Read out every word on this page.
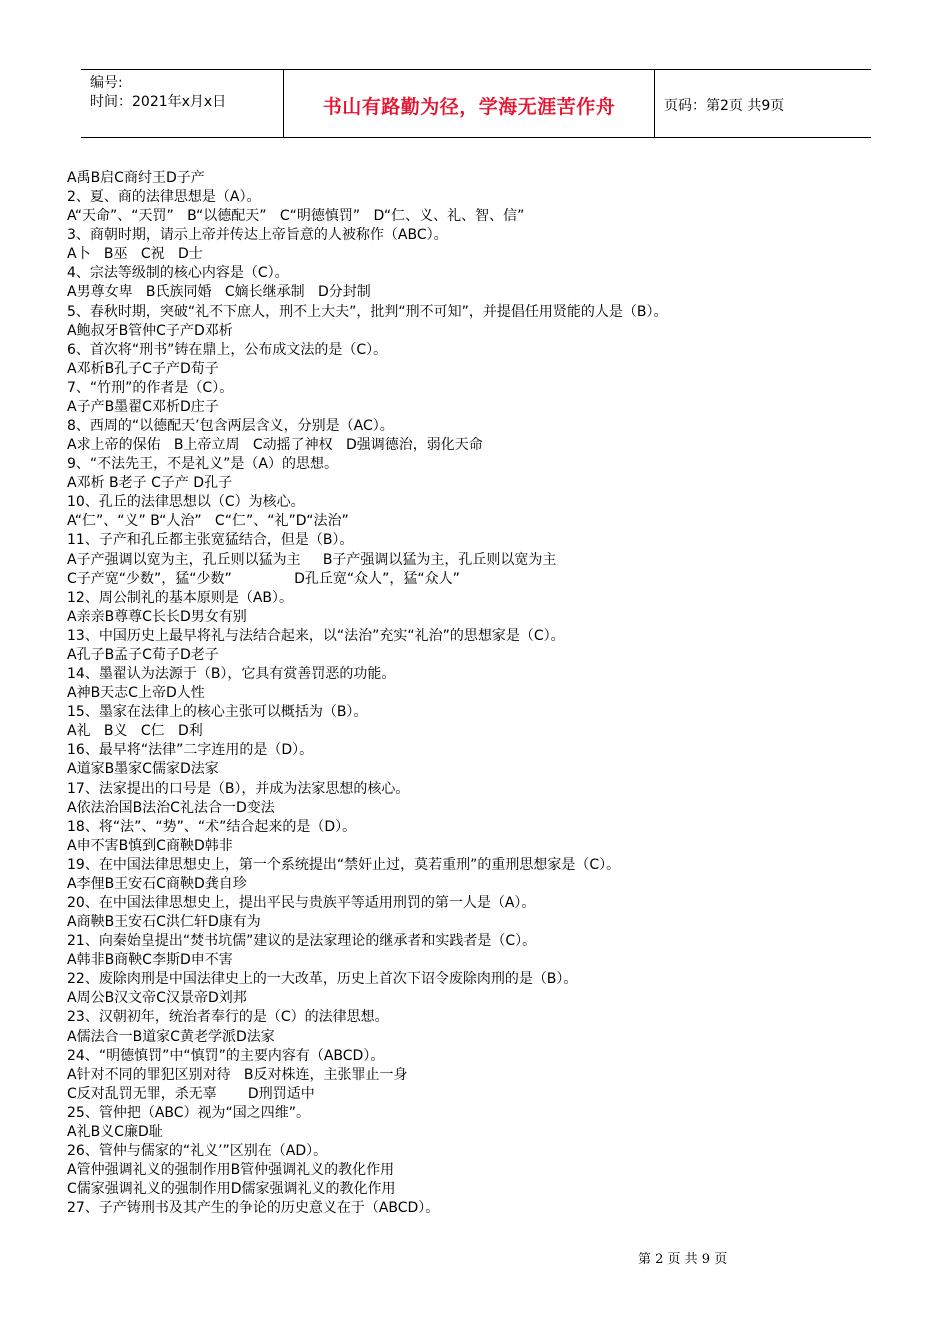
编号:
时间：2021年x月x日	书山有路勤为径，学海无涯苦作舟	页码：第2页 共9页
A禹B启C商纣王D子产
2、夏、商的法律思想是（A）。
A“天命”、“天罚”   B“以德配天”   C“明德慎罚”   D“仁、义、礼、智、信”
3、商朝时期，请示上帝并传达上帝旨意的人被称作（ABC）。
A卜   B巫   C祝   D士
4、宗法等级制的核心内容是（C）。
A男尊女卑   B氏族同婚   C嫡长继承制   D分封制
5、春秋时期，突破“礼不下庶人，刑不上大夫”，批判“刑不可知”，并提倡任用贤能的人是（B）。
A鲍叔牙B管仲C子产D邓析
6、首次将“刑书”铸在鼎上，公布成文法的是（C）。
A邓析B孔子C子产D荀子
7、“竹刑”的作者是（C）。
A子产B墨翟C邓析D庄子
8、西周的“以德配天’包含两层含义，分别是（AC）。
A求上帝的保佑   B上帝立周   C动摇了神权   D强调德治，弱化天命
9、“不法先王，不是礼义”是（A）的思想。
A邓析 B老子 C子产 D孔子
10、孔丘的法律思想以（C）为核心。
A“仁”、“义” B“人治”   C“仁”、“礼”D“法治”
11、子产和孔丘都主张宽猛结合，但是（B）。
A子产强调以宽为主，孔丘则以猛为主     B子产强调以猛为主，孔丘则以宽为主
C子产宽“少数”，猛“少数”              D孔丘宽“众人”，猛“众人”
12、周公制礼的基本原则是（AB）。
A亲亲B尊尊C长长D男女有别
13、中国历史上最早将礼与法结合起来，以“法治”充实“礼治”的思想家是（C）。
A孔子B孟子C荀子D老子
14、墨翟认为法源于（B），它具有赏善罚恶的功能。
A神B天志C上帝D人性
15、墨家在法律上的核心主张可以概括为（B）。
A礼   B义   C仁   D利
16、最早将“法律”二字连用的是（D）。
A道家B墨家C儒家D法家
17、法家提出的口号是（B），并成为法家思想的核心。
A依法治国B法治C礼法合一D变法
18、将“法”、“势”、“术”结合起来的是（D）。
A申不害B慎到C商鞅D韩非
19、在中国法律思想史上，第一个系统提出“禁奸止过，莫若重刑”的重刑思想家是（C）。
A李俚B王安石C商鞅D龚自珍
20、在中国法律思想史上，提出平民与贵族平等适用刑罚的第一人是（A）。
A商鞅B王安石C洪仁轩D康有为
21、向秦始皇提出“焚书坑儒”建议的是法家理论的继承者和实践者是（C）。
A韩非B商鞅C李斯D申不害
22、废除肉刑是中国法律史上的一大改革，历史上首次下诏令废除肉刑的是（B）。
A周公B汉文帝C汉景帝D刘邦
23、汉朝初年，统治者奉行的是（C）的法律思想。
A儒法合一B道家C黄老学派D法家
24、“明德慎罚”中“慎罚”的主要内容有（ABCD）。
A针对不同的罪犯区别对待   B反对株连，主张罪止一身
C反对乱罚无罪，杀无辜       D刑罚适中
25、管仲把（ABC）视为“国之四维”。
A礼B义C廉D耻
26、管仲与儒家的“礼义’”区别在（AD）。
A管仲强调礼义的强制作用B管仲强调礼义的教化作用
C儒家强调礼义的强制作用D儒家强调礼义的教化作用
27、子产铸刑书及其产生的争论的历史意义在于（ABCD）。
第 2 页 共 9 页
